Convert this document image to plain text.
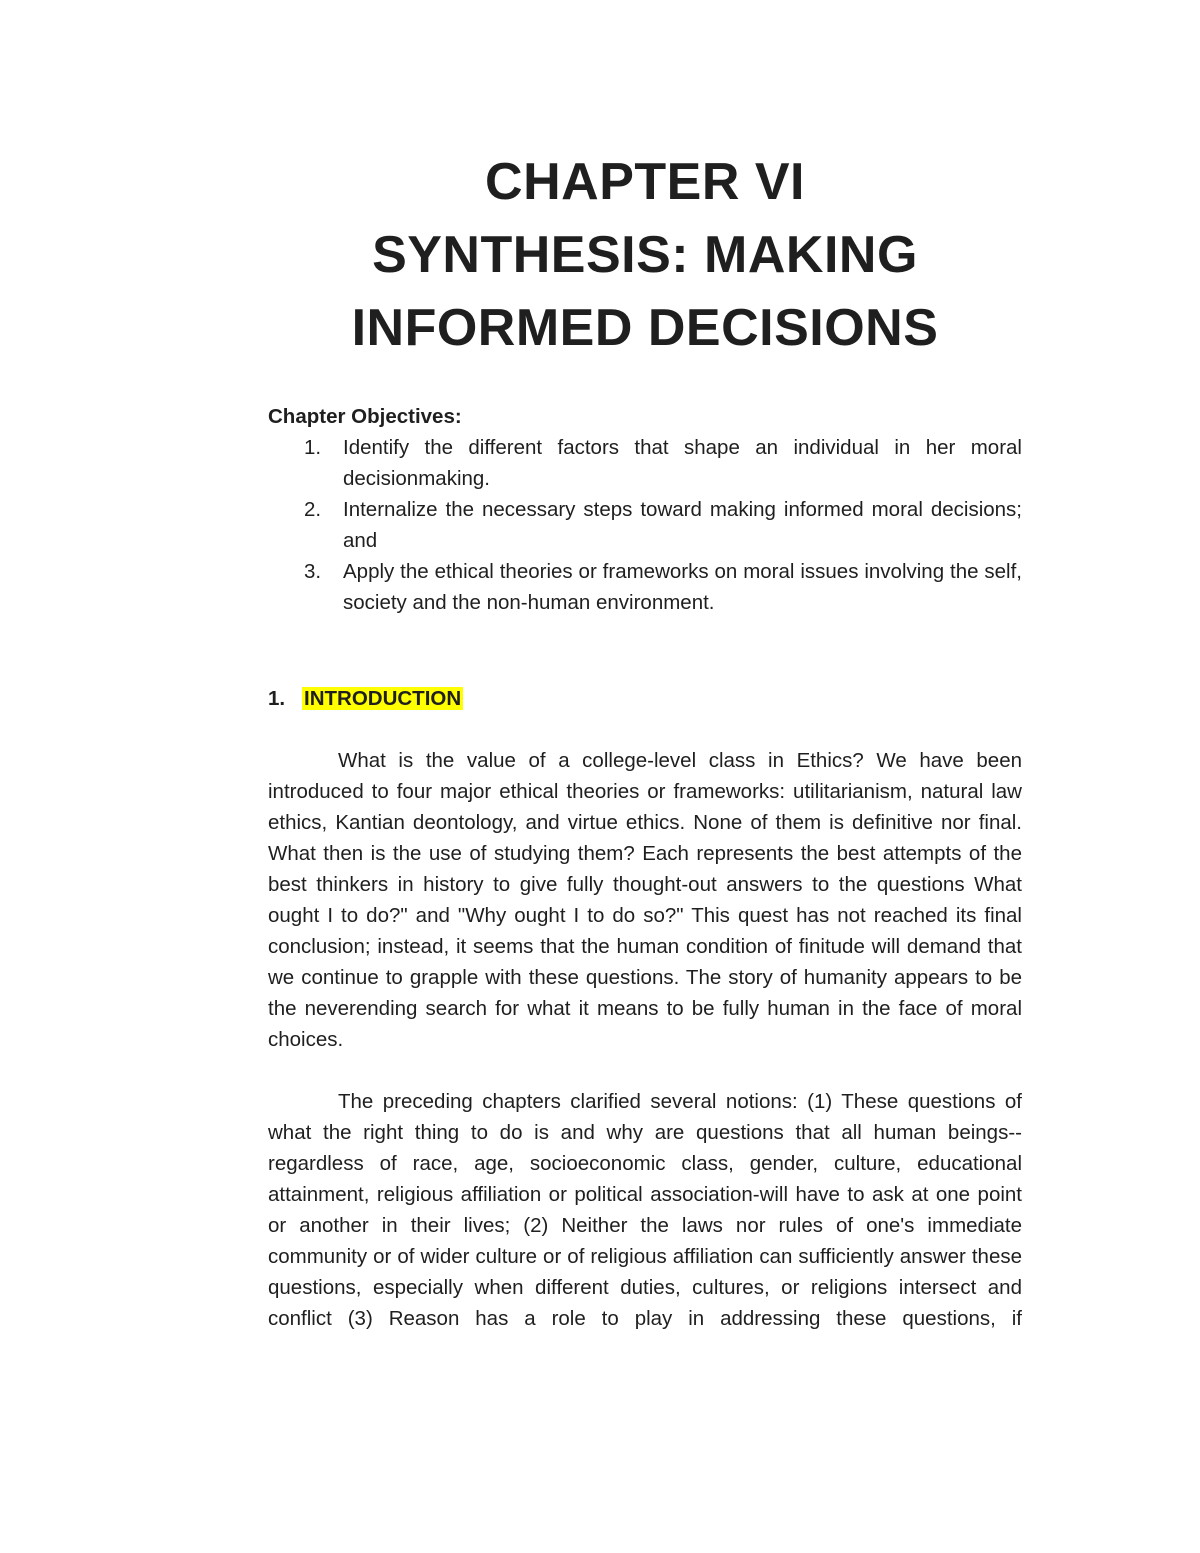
CHAPTER VI
SYNTHESIS: MAKING
INFORMED DECISIONS
Chapter Objectives:
1. Identify the different factors that shape an individual in her moral decisionmaking.
2. Internalize the necessary steps toward making informed moral decisions; and
3. Apply the ethical theories or frameworks on moral issues involving the self, society and the non-human environment.
1. INTRODUCTION

What is the value of a college-level class in Ethics? We have been introduced to four major ethical theories or frameworks: utilitarianism, natural law ethics, Kantian deontology, and virtue ethics. None of them is definitive nor final. What then is the use of studying them? Each represents the best attempts of the best thinkers in history to give fully thought-out answers to the questions What ought I to do?" and "Why ought I to do so?" This quest has not reached its final conclusion; instead, it seems that the human condition of finitude will demand that we continue to grapple with these questions. The story of humanity appears to be the neverending search for what it means to be fully human in the face of moral choices.

The preceding chapters clarified several notions: (1) These questions of what the right thing to do is and why are questions that all human beings--regardless of race, age, socioeconomic class, gender, culture, educational attainment, religious affiliation or political association-will have to ask at one point or another in their lives; (2) Neither the laws nor rules of one's immediate community or of wider culture or of religious affiliation can sufficiently answer these questions, especially when different duties, cultures, or religions intersect and conflict (3) Reason has a role to play in addressing these questions, if
